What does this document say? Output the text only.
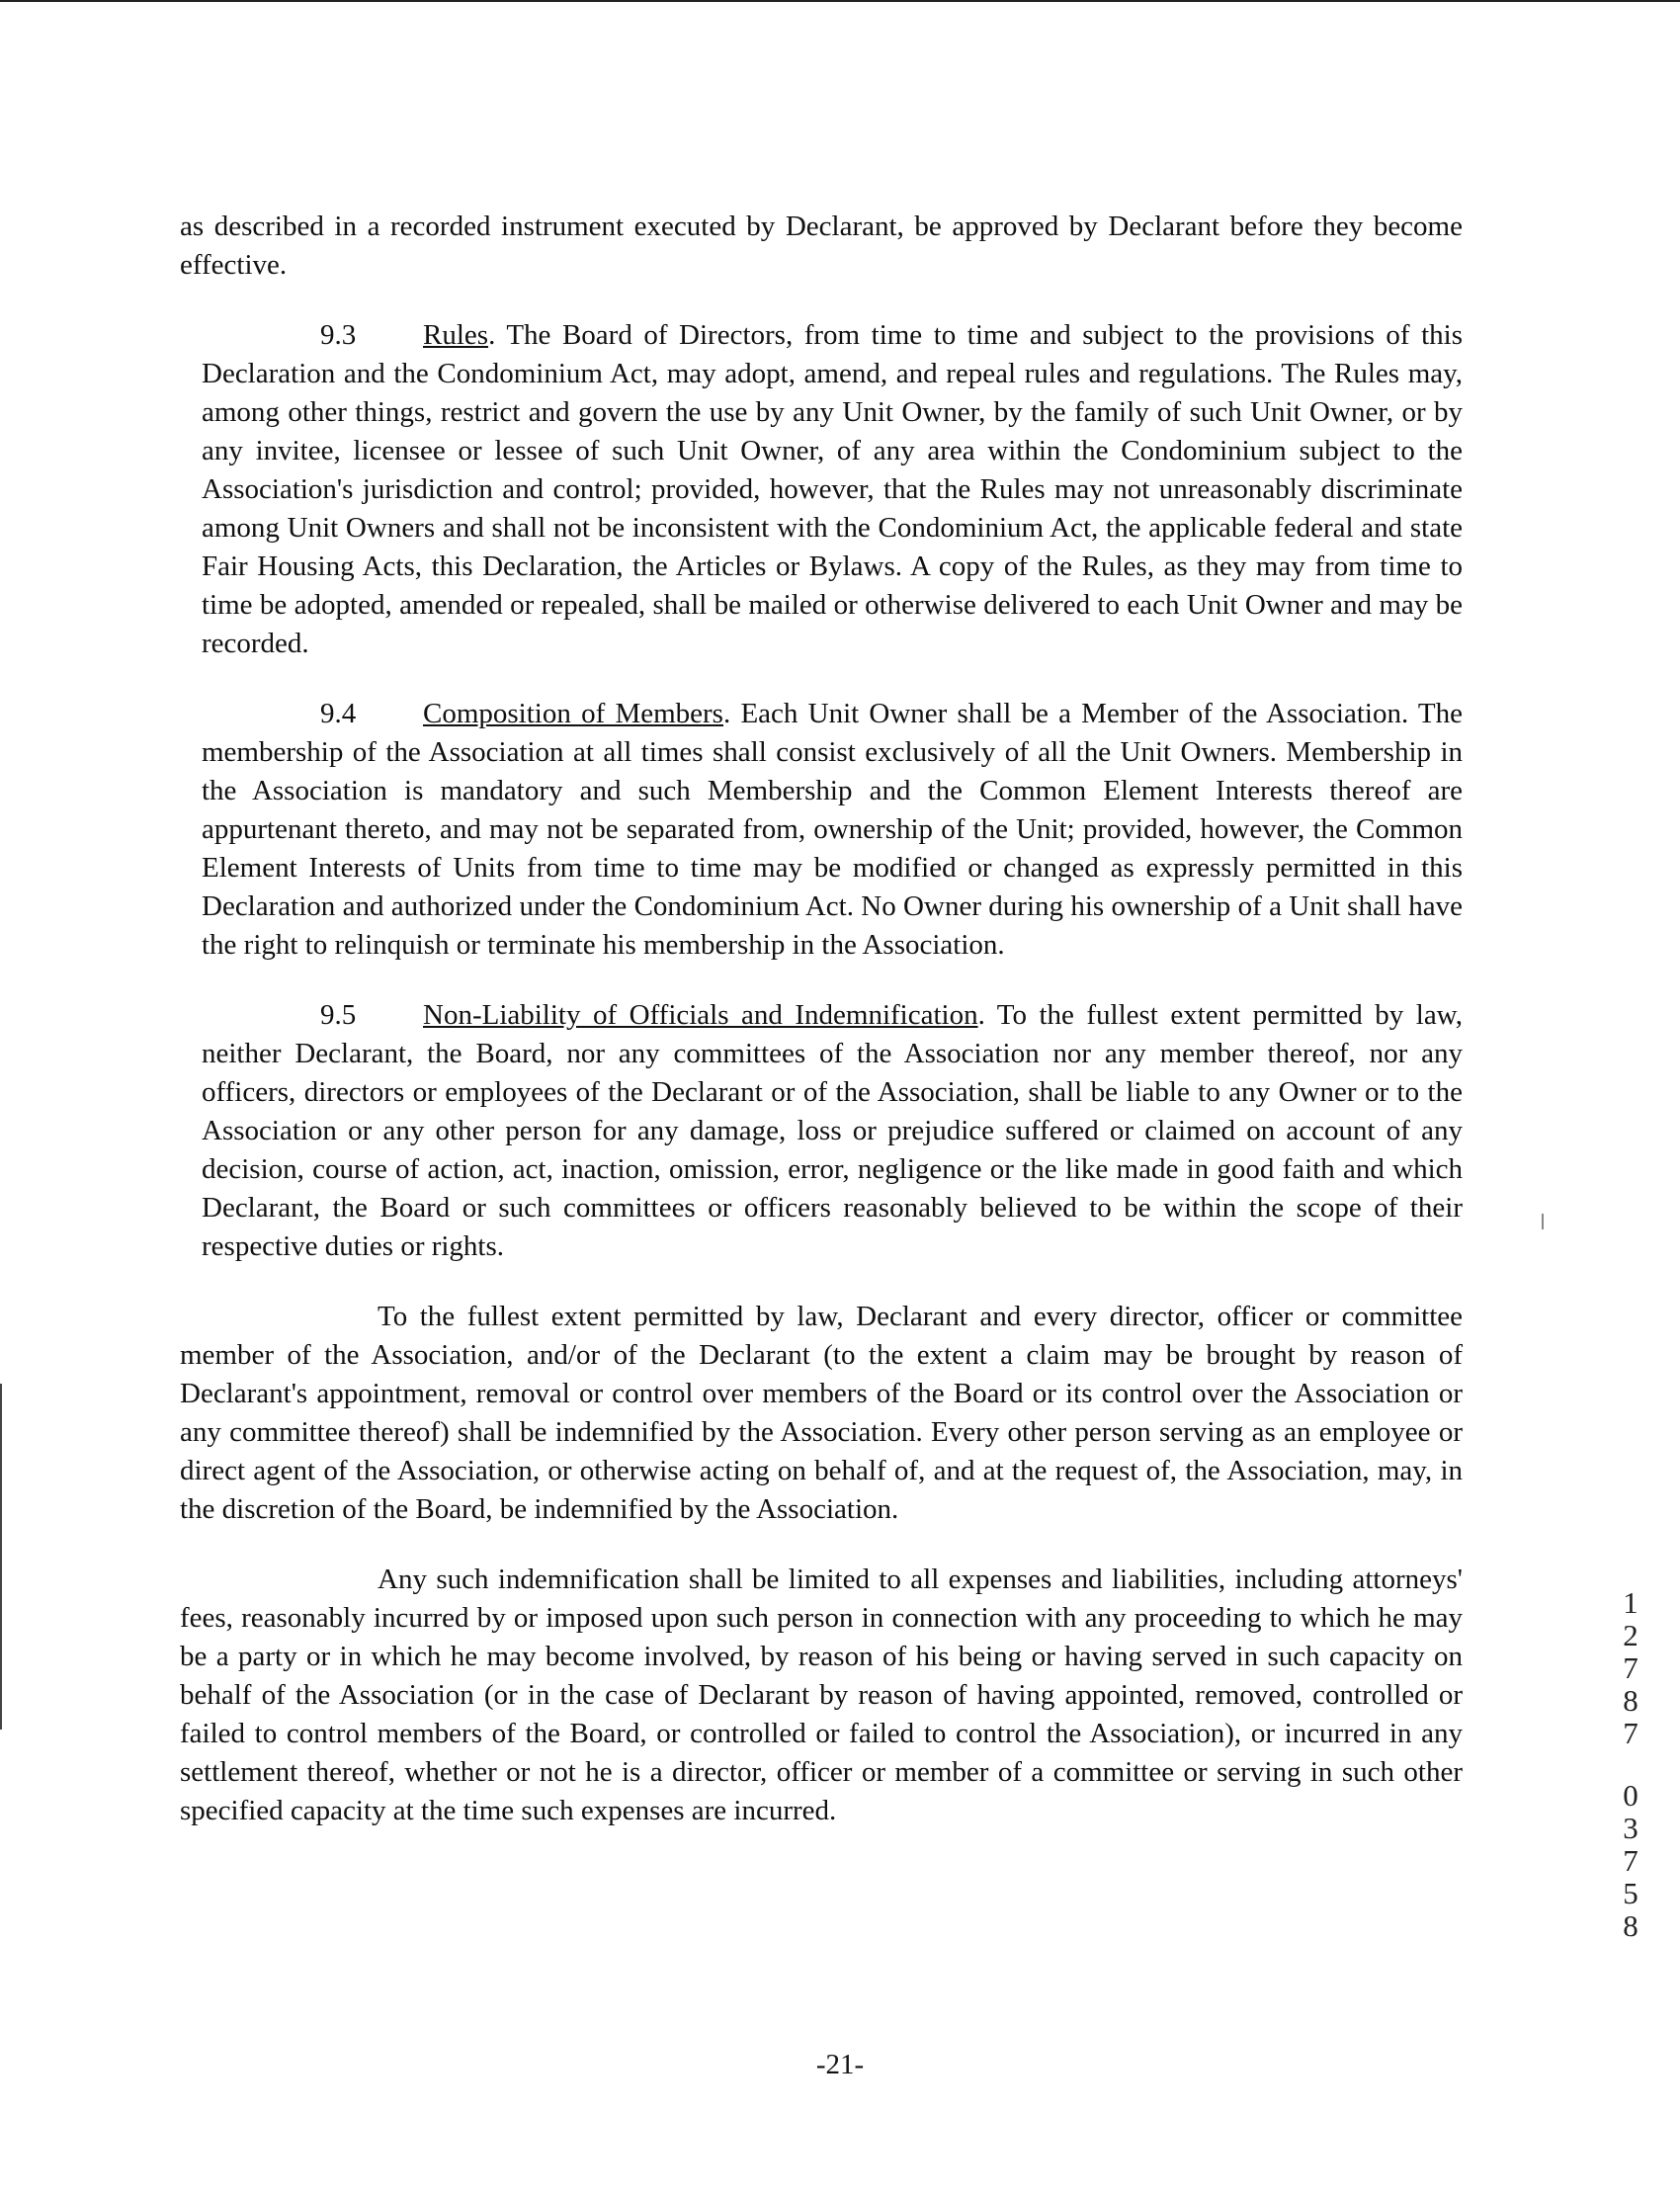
as described in a recorded instrument executed by Declarant, be approved by Declarant before they become effective.

9.3 Rules. The Board of Directors, from time to time and subject to the provisions of this Declaration and the Condominium Act, may adopt, amend, and repeal rules and regulations. The Rules may, among other things, restrict and govern the use by any Unit Owner, by the family of such Unit Owner, or by any invitee, licensee or lessee of such Unit Owner, of any area within the Condominium subject to the Association's jurisdiction and control; provided, however, that the Rules may not unreasonably discriminate among Unit Owners and shall not be inconsistent with the Condominium Act, the applicable federal and state Fair Housing Acts, this Declaration, the Articles or Bylaws. A copy of the Rules, as they may from time to time be adopted, amended or repealed, shall be mailed or otherwise delivered to each Unit Owner and may be recorded.

9.4 Composition of Members. Each Unit Owner shall be a Member of the Association. The membership of the Association at all times shall consist exclusively of all the Unit Owners. Membership in the Association is mandatory and such Membership and the Common Element Interests thereof are appurtenant thereto, and may not be separated from, ownership of the Unit; provided, however, the Common Element Interests of Units from time to time may be modified or changed as expressly permitted in this Declaration and authorized under the Condominium Act. No Owner during his ownership of a Unit shall have the right to relinquish or terminate his membership in the Association.

9.5 Non-Liability of Officials and Indemnification. To the fullest extent permitted by law, neither Declarant, the Board, nor any committees of the Association nor any member thereof, nor any officers, directors or employees of the Declarant or of the Association, shall be liable to any Owner or to the Association or any other person for any damage, loss or prejudice suffered or claimed on account of any decision, course of action, act, inaction, omission, error, negligence or the like made in good faith and which Declarant, the Board or such committees or officers reasonably believed to be within the scope of their respective duties or rights.

To the fullest extent permitted by law, Declarant and every director, officer or committee member of the Association, and/or of the Declarant (to the extent a claim may be brought by reason of Declarant's appointment, removal or control over members of the Board or its control over the Association or any committee thereof) shall be indemnified by the Association. Every other person serving as an employee or direct agent of the Association, or otherwise acting on behalf of, and at the request of, the Association, may, in the discretion of the Board, be indemnified by the Association.

Any such indemnification shall be limited to all expenses and liabilities, including attorneys' fees, reasonably incurred by or imposed upon such person in connection with any proceeding to which he may be a party or in which he may become involved, by reason of his being or having served in such capacity on behalf of the Association (or in the case of Declarant by reason of having appointed, removed, controlled or failed to control members of the Board, or controlled or failed to control the Association), or incurred in any settlement thereof, whether or not he is a director, officer or member of a committee or serving in such other specified capacity at the time such expenses are incurred.

-21-
1
2
7
8
7
0
3
7
5
8
